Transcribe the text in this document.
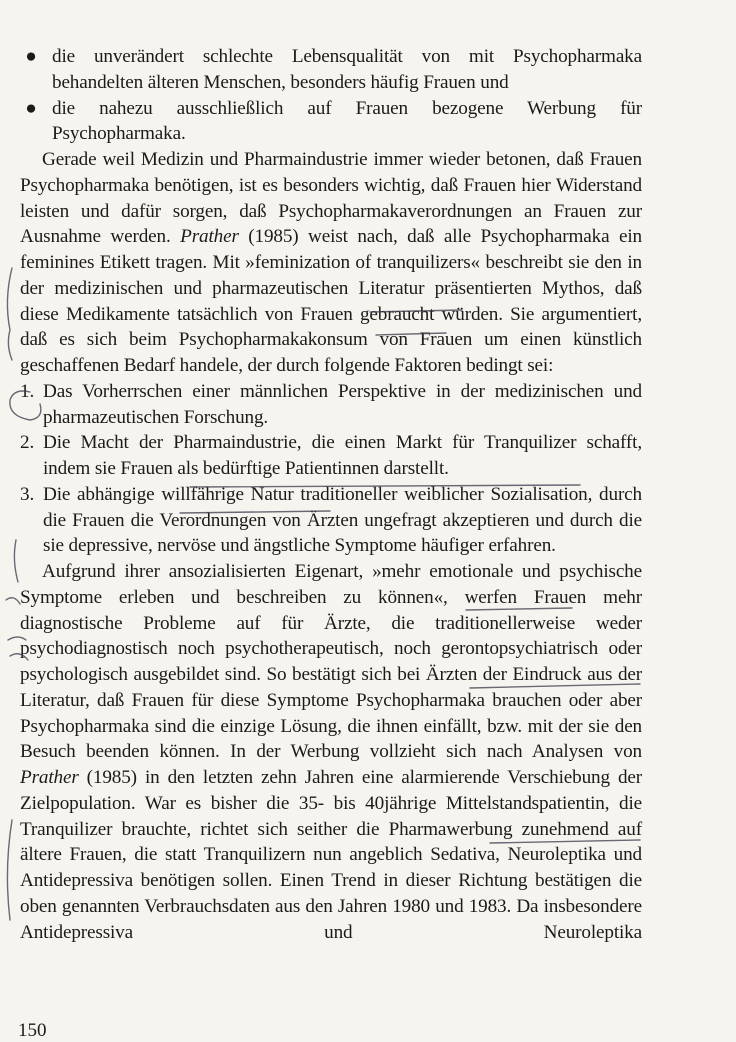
● die unverändert schlechte Lebensqualität von mit Psychopharmaka behandelten älteren Menschen, besonders häufig Frauen und
● die nahezu ausschließlich auf Frauen bezogene Werbung für Psychopharmaka.
Gerade weil Medizin und Pharmaindustrie immer wieder betonen, daß Frauen Psychopharmaka benötigen, ist es besonders wichtig, daß Frauen hier Widerstand leisten und dafür sorgen, daß Psychopharmakaverordnungen an Frauen zur Ausnahme werden. Prather (1985) weist nach, daß alle Psychopharmaka ein feminines Etikett tragen. Mit »feminization of tranquilizers« beschreibt sie den in der medizinischen und pharmazeutischen Literatur präsentierten Mythos, daß diese Medikamente tatsächlich von Frauen gebraucht würden. Sie argumentiert, daß es sich beim Psychopharmakakonsum von Frauen um einen künstlich geschaffenen Bedarf handele, der durch folgende Faktoren bedingt sei:
1. Das Vorherrschen einer männlichen Perspektive in der medizinischen und pharmazeutischen Forschung.
2. Die Macht der Pharmaindustrie, die einen Markt für Tranquilizer schafft, indem sie Frauen als bedürftige Patientinnen darstellt.
3. Die abhängige willfährige Natur traditioneller weiblicher Sozialisation, durch die Frauen die Verordnungen von Ärzten ungefragt akzeptieren und durch die sie depressive, nervöse und ängstliche Symptome häufiger erfahren.
Aufgrund ihrer ansozialisierten Eigenart, »mehr emotionale und psychische Symptome erleben und beschreiben zu können«, werfen Frauen mehr diagnostische Probleme auf für Ärzte, die traditionellerweise weder psychodiagnostisch noch psychotherapeutisch, noch gerontopsychiatrisch oder psychologisch ausgebildet sind. So bestätigt sich bei Ärzten der Eindruck aus der Literatur, daß Frauen für diese Symptome Psychopharmaka brauchen oder aber Psychopharmaka sind die einzige Lösung, die ihnen einfällt, bzw. mit der sie den Besuch beenden können. In der Werbung vollzieht sich nach Analysen von Prather (1985) in den letzten zehn Jahren eine alarmierende Verschiebung der Zielpopulation. War es bisher die 35- bis 40jährige Mittelstandspatientin, die Tranquilizer brauchte, richtet sich seither die Pharmawerbung zunehmend auf ältere Frauen, die statt Tranquilizern nun angeblich Sedativa, Neuroleptika und Antidepressiva benötigen sollen. Einen Trend in dieser Richtung bestätigen die oben genannten Verbrauchsdaten aus den Jahren 1980 und 1983. Da insbesondere Antidepressiva und Neuroleptika
150
